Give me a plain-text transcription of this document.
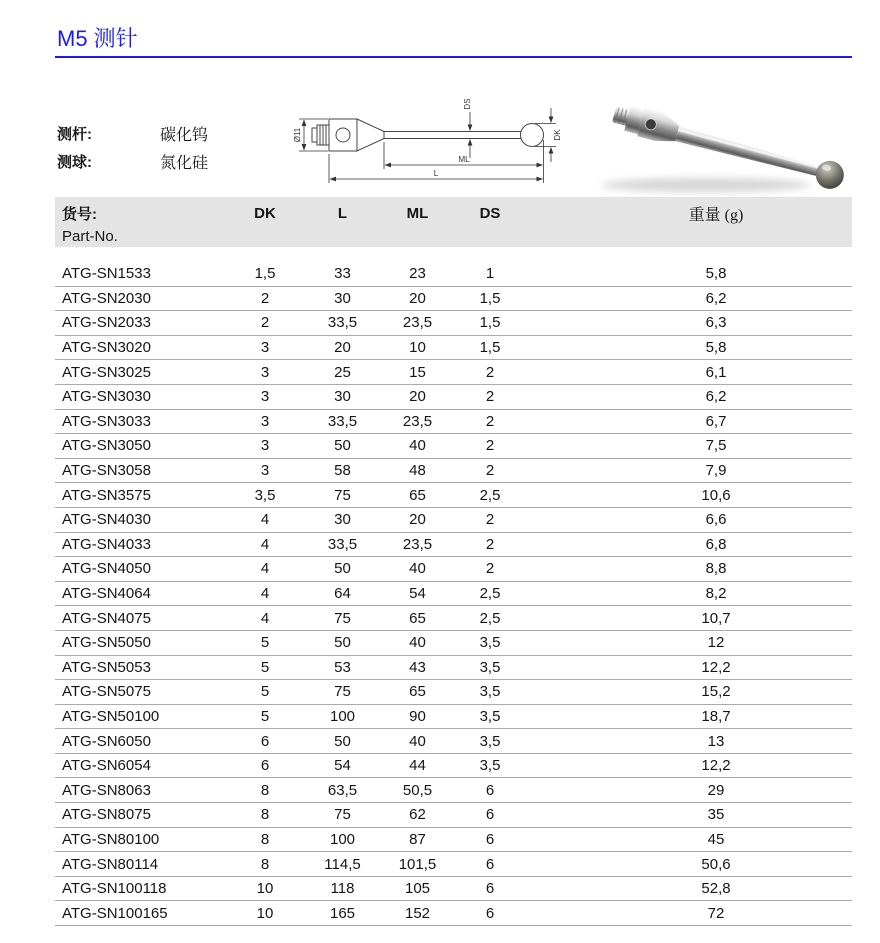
M5 测针
测杆:	碳化钨
测球:	氮化硅
Ø11
DS
DK
ML
L
货号:	DK	L	ML	DS	重量 (g)
Part-No.
ATG-SN1533	1,5	33	23	1	5,8
ATG-SN2030	2	30	20	1,5	6,2
ATG-SN2033	2	33,5	23,5	1,5	6,3
ATG-SN3020	3	20	10	1,5	5,8
ATG-SN3025	3	25	15	2	6,1
ATG-SN3030	3	30	20	2	6,2
ATG-SN3033	3	33,5	23,5	2	6,7
ATG-SN3050	3	50	40	2	7,5
ATG-SN3058	3	58	48	2	7,9
ATG-SN3575	3,5	75	65	2,5	10,6
ATG-SN4030	4	30	20	2	6,6
ATG-SN4033	4	33,5	23,5	2	6,8
ATG-SN4050	4	50	40	2	8,8
ATG-SN4064	4	64	54	2,5	8,2
ATG-SN4075	4	75	65	2,5	10,7
ATG-SN5050	5	50	40	3,5	12
ATG-SN5053	5	53	43	3,5	12,2
ATG-SN5075	5	75	65	3,5	15,2
ATG-SN50100	5	100	90	3,5	18,7
ATG-SN6050	6	50	40	3,5	13
ATG-SN6054	6	54	44	3,5	12,2
ATG-SN8063	8	63,5	50,5	6	29
ATG-SN8075	8	75	62	6	35
ATG-SN80100	8	100	87	6	45
ATG-SN80114	8	114,5	101,5	6	50,6
ATG-SN100118	10	118	105	6	52,8
ATG-SN100165	10	165	152	6	72
